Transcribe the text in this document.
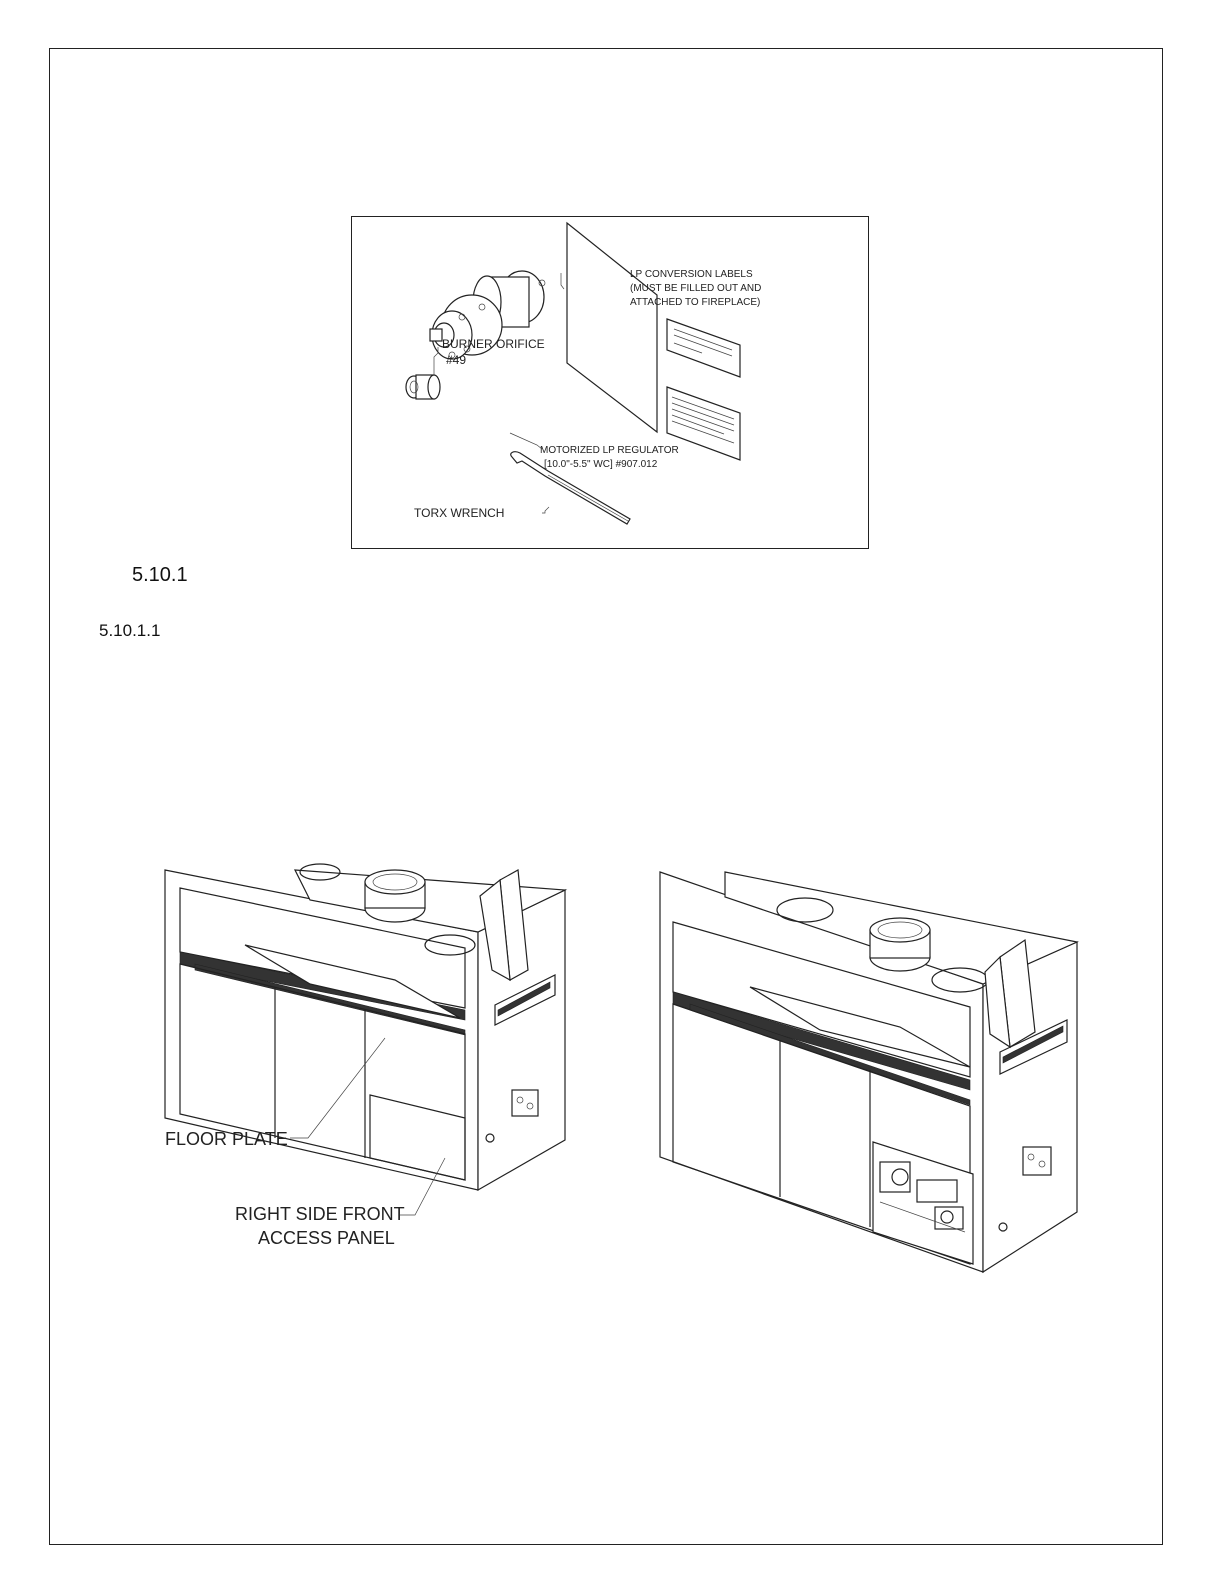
LP CONVERSION LABELS
(MUST BE FILLED OUT AND
ATTACHED TO FIREPLACE)
BURNER ORIFICE
#49
MOTORIZED LP REGULATOR
[10.0"-5.5" WC] #907.012
TORX WRENCH
5.10.1
5.10.1.1
FLOOR PLATE
RIGHT SIDE FRONT
ACCESS PANEL
